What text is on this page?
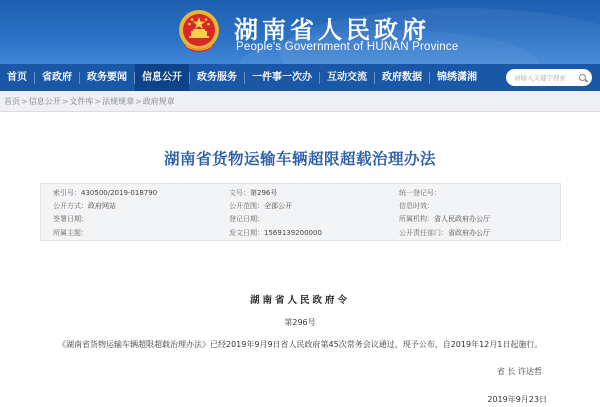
湖南省人民政府
People's Government of HUNAN Province
首页	省政府	政务要闻	信息公开	政务服务	一件事一次办	互动交流	政府数据	锦绣潇湘	请输入关键字搜索
首页>信息公开>文件库>法规规章>政府规章
湖南省货物运输车辆超限超载治理办法
索引号：430500/2019-018790	文号：第296号	统一登记号：
公开方式：政府网站	公开范围：全部公开	信息时效：
签署日期：	登记日期：	所属机构：省人民政府办公厅
所属主题：	发文日期：1569139200000	公开责任部门：省政府办公厅
湖南省人民政府令
第296号
《湖南省货物运输车辆超限超载治理办法》已经2019年9月9日省人民政府第45次常务会议通过，现予公布，自2019年12月1日起施行。
省 长 许达哲
2019年9月23日
